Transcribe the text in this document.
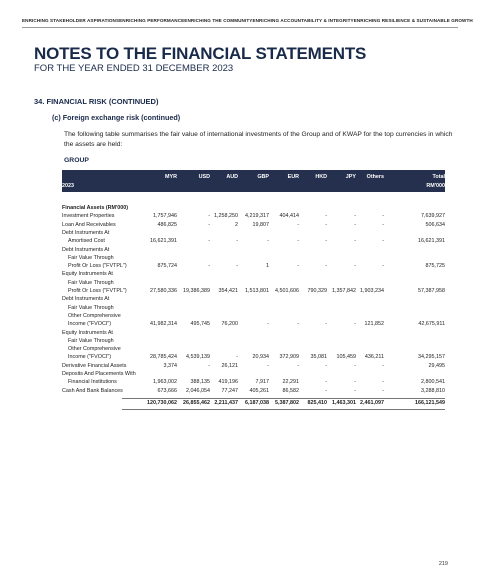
ENRICHING STAKEHOLDER ASPIRATIONS ENRICHING PERFORMANCE ENRICHING THE COMMUNITY ENRICHING ACCOUNTABILITY & INTEGRITY ENRICHING RESILIENCE & SUSTAINABLE GROWTH
NOTES TO THE FINANCIAL STATEMENTS
FOR THE YEAR ENDED 31 DECEMBER 2023
34. FINANCIAL RISK (CONTINUED)
(c) Foreign exchange risk (continued)
The following table summarises the fair value of international investments of the Group and of KWAP for the top currencies in which the assets are held:
GROUP
2023
MYR	USD	AUD	GBP	EUR	HKD	JPY Others	Total
RM'000
Financial Assets (RM'000)
Investment Properties	1,757,946	- 1,258,250 4,219,317 404,414	-	-	-	7,639,927
Loan And Receivables	486,825	-	2	19,807	-	-	-	-	506,634
Debt Instruments At
Amortised Cost	16,621,391	-	-	-	-	-	-	-	16,621,391
Debt Instruments At
Fair Value Through
Profit Or Loss ("FVTPL")	875,724	-	-	1	-	-	-	-	875,725
Equity Instruments At
Fair Value Through
Profit Or Loss ("FVTPL")	27,580,336 19,386,389 354,421 1,513,801 4,501,606 790,329 1,357,842 1,903,234	57,387,958
Debt Instruments At
Fair Value Through
Other Comprehensive
Income ("FVOCI")	41,982,314	495,745 76,200	-	-	-	- 121,852	42,675,911
Equity Instruments At
Fair Value Through
Other Comprehensive
Income ("FVOCI")	28,785,424 4,539,139	-	20,934 372,909 35,081 105,459 436,211	34,295,157
Derivative Financial Assets	3,374	- 26,121	-	-	-	-	-	29,495
Deposits And Placements With
Financial Institutions	1,963,002	388,135 419,196	7,917	22,291	-	-	-	2,800,541
Cash And Bank Balances	673,666 2,046,054 77,247 405,261	86,582	-	-	-	3,288,810
120,730,062 26,855,462 2,211,437 6,187,038 5,387,802 825,410 1,463,301 2,461,097	166,121,549
219
